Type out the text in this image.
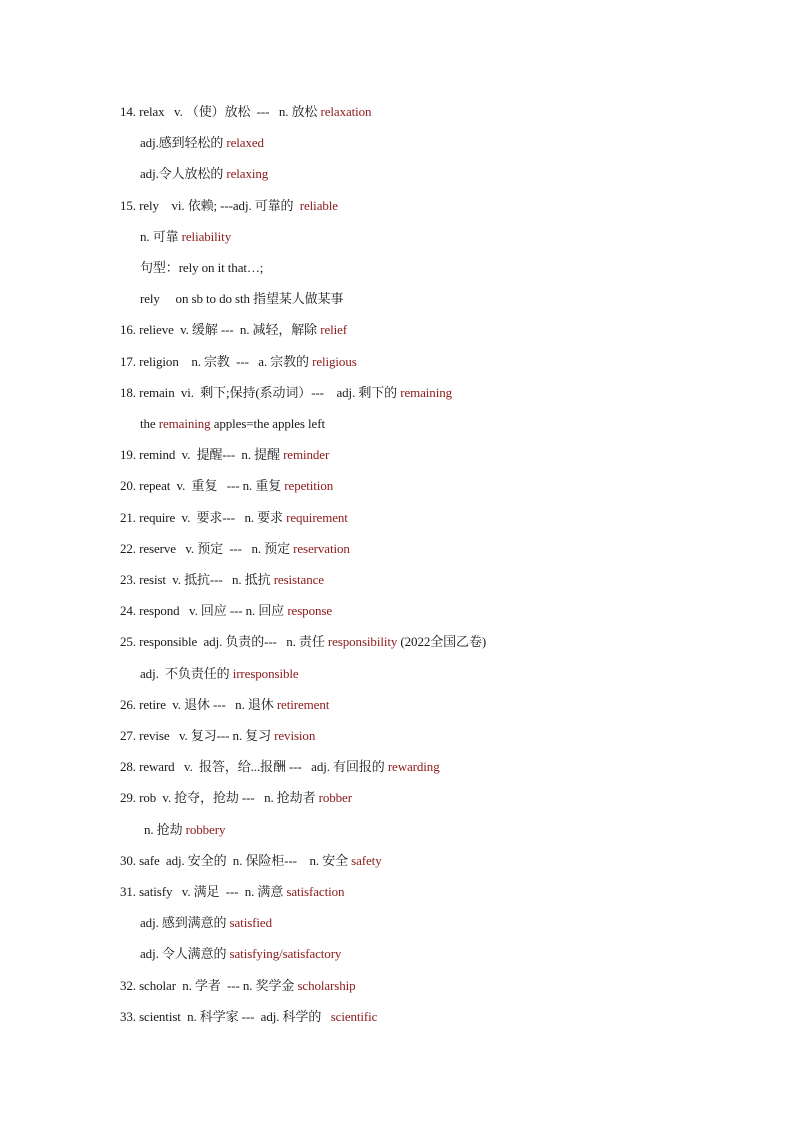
14. relax   v. （使）放松  ---   n. 放松 relaxation
adj.感到轻松的 relaxed
adj.令人放松的 relaxing
15. rely    vi. 依赖; ---adj. 可靠的  reliable
n. 可靠 reliability
句型：rely on it that…;
rely     on sb to do sth 指望某人做某事
16. relieve  v. 缓解 ---  n. 减轻，解除 relief
17. religion    n. 宗教  ---   a. 宗教的 religious
18. remain  vi.  剩下;保持(系动词）---    adj. 剩下的 remaining
the remaining apples=the apples left
19. remind  v.  提醒---  n. 提醒 reminder
20. repeat  v.  重复   --- n. 重复 repetition
21. require  v.  要求---   n. 要求 requirement
22. reserve   v. 预定  ---   n. 预定 reservation
23. resist  v. 抵抗---   n. 抵抗 resistance
24. respond   v. 回应 --- n. 回应 response
25. responsible  adj. 负责的---   n. 责任 responsibility (2022全国乙卷)
adj.  不负责任的 irresponsible
26. retire  v. 退休 ---   n. 退休 retirement
27. revise   v. 复习--- n. 复习 revision
28. reward   v.  报答，给...报酬 ---   adj. 有回报的 rewarding
29. rob  v. 抢夺，抢劫 ---   n. 抢劫者 robber
n. 抢劫 robbery
30. safe  adj. 安全的  n. 保险柜---    n. 安全 safety
31. satisfy   v. 满足  ---  n. 满意 satisfaction
adj. 感到满意的 satisfied
adj. 令人满意的 satisfying/satisfactory
32. scholar  n. 学者  --- n. 奖学金 scholarship
33. scientist  n. 科学家 ---  adj. 科学的   scientific
